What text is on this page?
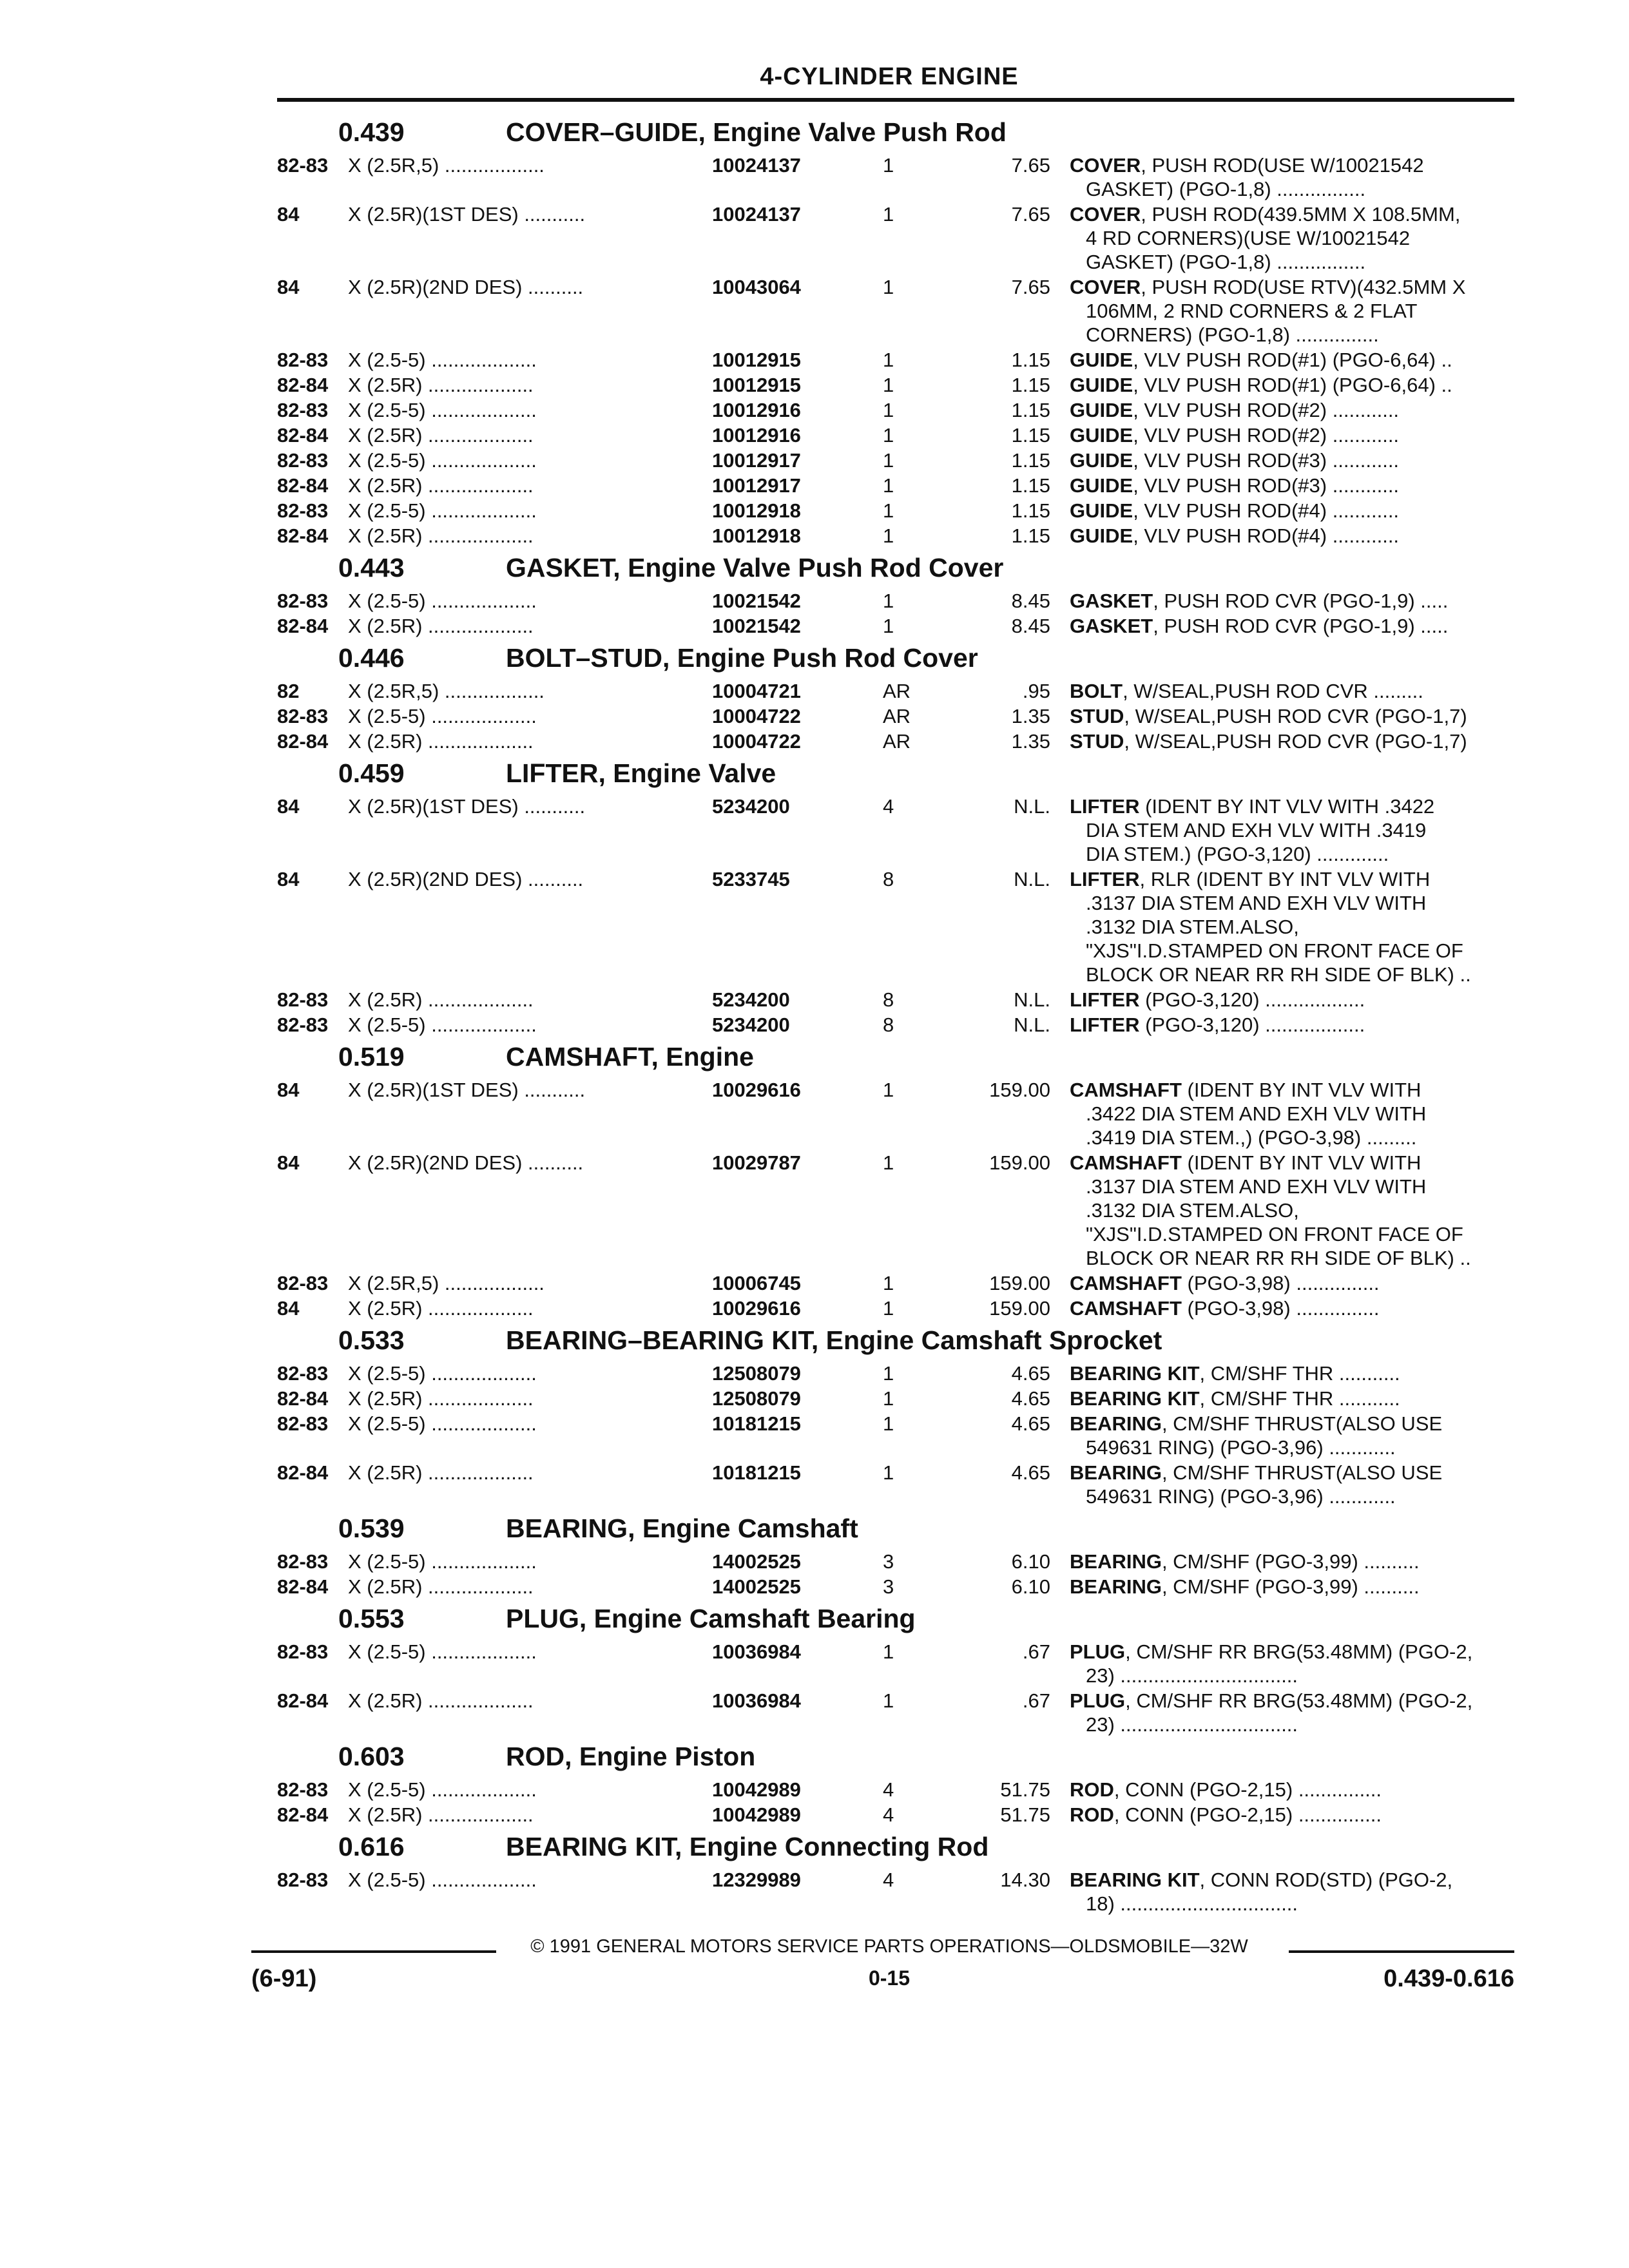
4-CYLINDER ENGINE
0.439	COVER–GUIDE, Engine Valve Push Rod
82-83 X (2.5R,5) ..................	10024137	1	7.65 COVER, PUSH ROD(USE W/10021542
GASKET) (PGO-1,8) ................
84 X (2.5R)(1ST DES) ...........	10024137	1	7.65 COVER, PUSH ROD(439.5MM X 108.5MM,
4 RD CORNERS)(USE W/10021542
GASKET) (PGO-1,8) ................
84 X (2.5R)(2ND DES) ..........	10043064	1	7.65 COVER, PUSH ROD(USE RTV)(432.5MM X
106MM, 2 RND CORNERS & 2 FLAT
CORNERS) (PGO-1,8) ...............
82-83 X (2.5-5) ...................	10012915	1	1.15 GUIDE, VLV PUSH ROD(#1) (PGO-6,64) ..
82-84 X (2.5R) ...................	10012915	1	1.15 GUIDE, VLV PUSH ROD(#1) (PGO-6,64) ..
82-83 X (2.5-5) ...................	10012916	1	1.15 GUIDE, VLV PUSH ROD(#2) ............
82-84 X (2.5R) ...................	10012916	1	1.15 GUIDE, VLV PUSH ROD(#2) ............
82-83 X (2.5-5) ...................	10012917	1	1.15 GUIDE, VLV PUSH ROD(#3) ............
82-84 X (2.5R) ...................	10012917	1	1.15 GUIDE, VLV PUSH ROD(#3) ............
82-83 X (2.5-5) ...................	10012918	1	1.15 GUIDE, VLV PUSH ROD(#4) ............
82-84 X (2.5R) ...................	10012918	1	1.15 GUIDE, VLV PUSH ROD(#4) ............
0.443	GASKET, Engine Valve Push Rod Cover
82-83 X (2.5-5) ...................	10021542	1	8.45 GASKET, PUSH ROD CVR (PGO-1,9) .....
82-84 X (2.5R) ...................	10021542	1	8.45 GASKET, PUSH ROD CVR (PGO-1,9) .....
0.446	BOLT–STUD, Engine Push Rod Cover
82 X (2.5R,5) ..................	10004721	AR	.95 BOLT, W/SEAL,PUSH ROD CVR .........
82-83 X (2.5-5) ...................	10004722	AR	1.35 STUD, W/SEAL,PUSH ROD CVR (PGO-1,7)
82-84 X (2.5R) ...................	10004722	AR	1.35 STUD, W/SEAL,PUSH ROD CVR (PGO-1,7)
0.459	LIFTER, Engine Valve
84 X (2.5R)(1ST DES) ...........	5234200	4	N.L. LIFTER (IDENT BY INT VLV WITH .3422
DIA STEM AND EXH VLV WITH .3419
DIA STEM.) (PGO-3,120) .............
84 X (2.5R)(2ND DES) ..........	5233745	8	N.L. LIFTER, RLR (IDENT BY INT VLV WITH
.3137 DIA STEM AND EXH VLV WITH
.3132 DIA STEM.ALSO,
"XJS"I.D.STAMPED ON FRONT FACE OF
BLOCK OR NEAR RR RH SIDE OF BLK) ..
82-83 X (2.5R) ...................	5234200	8	N.L. LIFTER (PGO-3,120) ..................
82-83 X (2.5-5) ...................	5234200	8	N.L. LIFTER (PGO-3,120) ..................
0.519	CAMSHAFT, Engine
84 X (2.5R)(1ST DES) ...........	10029616	1	159.00 CAMSHAFT (IDENT BY INT VLV WITH
.3422 DIA STEM AND EXH VLV WITH
.3419 DIA STEM.,) (PGO-3,98) .........
84 X (2.5R)(2ND DES) ..........	10029787	1	159.00 CAMSHAFT (IDENT BY INT VLV WITH
.3137 DIA STEM AND EXH VLV WITH
.3132 DIA STEM.ALSO,
"XJS"I.D.STAMPED ON FRONT FACE OF
BLOCK OR NEAR RR RH SIDE OF BLK) ..
82-83 X (2.5R,5) ..................	10006745	1	159.00 CAMSHAFT (PGO-3,98) ...............
84 X (2.5R) ...................	10029616	1	159.00 CAMSHAFT (PGO-3,98) ...............
0.533	BEARING–BEARING KIT, Engine Camshaft Sprocket
82-83 X (2.5-5) ...................	12508079	1	4.65 BEARING KIT, CM/SHF THR ...........
82-84 X (2.5R) ...................	12508079	1	4.65 BEARING KIT, CM/SHF THR ...........
82-83 X (2.5-5) ...................	10181215	1	4.65 BEARING, CM/SHF THRUST(ALSO USE
549631 RING) (PGO-3,96) ............
82-84 X (2.5R) ...................	10181215	1	4.65 BEARING, CM/SHF THRUST(ALSO USE
549631 RING) (PGO-3,96) ............
0.539	BEARING, Engine Camshaft
82-83 X (2.5-5) ...................	14002525	3	6.10 BEARING, CM/SHF (PGO-3,99) ..........
82-84 X (2.5R) ...................	14002525	3	6.10 BEARING, CM/SHF (PGO-3,99) ..........
0.553	PLUG, Engine Camshaft Bearing
82-83 X (2.5-5) ...................	10036984	1	.67 PLUG, CM/SHF RR BRG(53.48MM) (PGO-2,
23) ................................
82-84 X (2.5R) ...................	10036984	1	.67 PLUG, CM/SHF RR BRG(53.48MM) (PGO-2,
23) ................................
0.603	ROD, Engine Piston
82-83 X (2.5-5) ...................	10042989	4	51.75 ROD, CONN (PGO-2,15) ...............
82-84 X (2.5R) ...................	10042989	4	51.75 ROD, CONN (PGO-2,15) ...............
0.616	BEARING KIT, Engine Connecting Rod
82-83 X (2.5-5) ...................	12329989	4	14.30 BEARING KIT, CONN ROD(STD) (PGO-2,
18) ................................
© 1991 GENERAL MOTORS SERVICE PARTS OPERATIONS—OLDSMOBILE—32W
(6-91)	0-15	0.439-0.616
